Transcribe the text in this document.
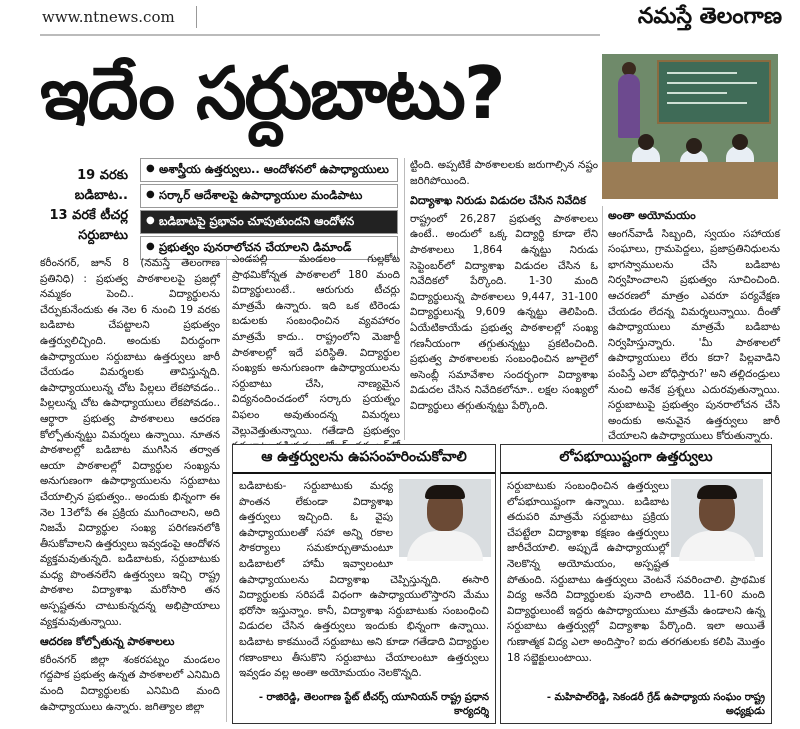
www.ntnews.com	నమస్తే తెలంగాణ
ఇదేం సర్దుబాటు?
19 వరకు
బడిబాట..
13 వరకే టీచర్ల
సర్దుబాటు
● అశాస్త్రీయ ఉత్తర్వులు.. ఆందోళనలో ఉపాధ్యాయులు
● సర్కార్ ఆదేశాలపై ఉపాధ్యాయుల మండిపాటు
● బడిబాటపై ప్రభావం చూపుతుందని ఆందోళన
● ప్రభుత్వం పునరాలోచన చేయాలని డిమాండ్

కరీంనగర్, జూన్ 8 (నమస్తే తెలంగాణ ప్రతినిధి) : ప్రభుత్వ పాఠశాలలపై ప్రజల్లో నమ్మకం పెంచి.. విద్యార్థులను చేర్పుకునేందుకు ఈ నెల 6 నుంచి 19 వరకు బడిబాట చేపట్టాలని ప్రభుత్వం ఉత్తర్వులిచ్చింది. అందుకు విరుద్ధంగా ఉపాధ్యాయుల సర్దుబాటు ఉత్తర్వులు జారీ చేయడం విమర్శలకు తావిస్తున్నది. ఉపాధ్యాయులున్న చోట పిల్లలు లేకపోవడం.. పిల్లలున్న చోట ఉపాధ్యాయులు లేకపోవడం.. ఆర్థారా ప్రభుత్వ పాఠశాలలు ఆదరణ కోల్పోతున్నట్టు విమర్శలు ఉన్నాయి. నూతన పాఠశాలల్లో బడిబాట ముగిసిన తర్వాత ఆయా పాఠశాలల్లో విద్యార్థుల సంఖ్యను అనుగుణంగా ఉపాధ్యాయులను సర్దుబాటు చేయాల్సిన ప్రభుత్వం.. అందుకు భిన్నంగా ఈ నెల 13లోపే ఈ ప్రక్రియ ముగించాలని, అది నిజమే విద్యార్థుల సంఖ్య పరిగణనలోకి తీసుకోవాలని ఉత్తర్వులు ఇవ్వడంపై ఆందోళన వ్యక్తమవుతున్నది. బడిబాటకు, సర్దుబాటుకు మధ్య పొంతనలేని ఉత్తర్వులు ఇచ్చి రాష్ట్ర పాఠశాల విద్యాశాఖ మరోసారి తన అస్పష్టతను చాటుకున్నదన్న అభిప్రాయాలు వ్యక్తమవుతున్నాయి.

ఆదరణ కోల్పోతున్న పాఠశాలలు

కరీంనగర్ జిల్లా శంకరపట్నం మండలం గద్దపాక ప్రభుత్వ ఉన్నత పాఠశాలలో ఎనిమిది మంది విద్యార్థులకు ఎనిమిది మంది ఉపాధ్యాయులు ఉన్నారు. జగిత్యాల జిల్లా

ఎండపల్లి మండలం గుల్లకోట ప్రాథమికోన్నత పాఠశాలలో 180 మంది విద్యార్థులుంటే.. ఆరుగురు టీచర్లు మాత్రమే ఉన్నారు. ఇది ఒక టిరెండు బడులకు సంబంధించిన వ్యవహారం మాత్రమే కాదు.. రాష్ట్రంలోని మెజార్టీ పాఠశాలల్లో ఇదే పరిస్థితి. విద్యార్థుల సంఖ్యకు అనుగుణంగా ఉపాధ్యాయులను సర్దుబాటు చేసి, నాణ్యమైన విద్యనందించడంలో సర్కారు ప్రయత్నం విఫలం అవుతుందన్న విమర్శలు వెల్లువెత్తుతున్నాయి. గతేడాది ప్రభుత్వం

ట్టింది. అప్పటికే పాఠశాలలకు జరుగాల్సిన నష్టం జరిగిపోయింది.

విద్యాశాఖ నిరుడు విడుదల చేసిన నివేదిక

రాష్ట్రంలో 26,287 ప్రభుత్వ పాఠశాలలు ఉంటే.. అందులో ఒక్క విద్యార్థి కూడా లేని పాఠశాలలు 1,864 ఉన్నట్టు నిరుడు సెప్టెంబర్‌లో విద్యాశాఖ విడుదల చేసిన ఓ నివేదికలో పేర్కొంది. 1-30 మంది విద్యార్థులున్న పాఠశాలలు 9,447, 31-100 విద్యార్థులున్న 9,609 ఉన్నట్టు తెలిపింది. ఏయేటికాయేడు ప్రభుత్వ పాఠశాలల్లో సంఖ్య గణనీయంగా తగ్గుతున్నట్టు ప్రకటించింది. ప్రభుత్వ పాఠశాలలకు సంబంధించిన జూలైలో అసెంబ్లీ సమావేశాల సందర్భంగా విద్యాశాఖ విడుదల చేసిన నివేదికలోనూ.. లక్షల సంఖ్యలో విద్యార్థులు తగ్గుతున్నట్టు పేర్కొంది.

అంతా అయోమయం

ఆంగన్‌వాడీ సిబ్బంది, స్వయం సహాయక సంఘాలు, గ్రామపెద్దలు, ప్రజాప్రతినిధులను భాగస్వాములను చేసి బడిబాట నిర్వహించాలని ప్రభుత్వం సూచించింది. ఆచరణలో మాత్రం ఎవరూ పర్యవేక్షణ చేయడం లేదన్న విమర్శలున్నాయి. దీంతో ఉపాధ్యాయులు మాత్రమే బడిబాట నిర్వహిస్తున్నారు. 'మీ పాఠశాలలో ఉపాధ్యాయులు లేరు కదా? పిల్లవాడిని పంపిస్తే ఎలా బోధిస్తారు?' అని తల్లిదండ్రులు నుంచి అనేక ప్రశ్నలు ఎదురవుతున్నాయి. సర్దుబాటుపై ప్రభుత్వం పునరాలోచన చేసి అందుకు అనువైన ఉత్తర్వులు జారీ చేయాలని ఉపాధ్యాయులు కోరుతున్నారు.

ఆ ఉత్తర్వులను ఉపసంహరించుకోవాలి

బడిబాటకు- సర్దుబాటుకు మధ్య పొంతన లేకుండా విద్యాశాఖ ఉత్తర్వులు ఇచ్చింది. ఓ వైపు ఉపాధ్యాయులతో సహా అన్ని రకాల సౌకర్యాలు సమకూర్చుతామంటూ బడిబాటలో హామీ ఇవ్వాలంటూ ఉపాధ్యాయులను విద్యాశాఖ చెప్పిస్తున్నది. ఈసారి విద్యార్థులకు సరిపడే విధంగా ఉపాధ్యాయులొస్తారని మేము భరోసా ఇస్తున్నాం. కానీ, విద్యాశాఖ సర్దుబాటుకు సంబంధించి విడుదల చేసిన ఉత్తర్వులు ఇందుకు భిన్నంగా ఉన్నాయి. బడిబాట కాకముందే సర్దుబాటు అని కూడా గతేడాది విద్యార్థుల గణాంకాలు తీసుకొని సర్దుబాటు చేయాలంటూ ఉత్తర్వులు ఇవ్వడం వల్ల అంతా అయోమయం నెలకొన్నది.

- రాజిరెడ్డి, తెలంగాణ స్టేట్ టీచర్స్ యూనియన్ రాష్ట్ర ప్రధాన కార్యదర్శి
లోపభూయిష్టంగా ఉత్తర్వులు

సర్దుబాటుకు సంబంధించిన ఉత్తర్వులు లోపభూయిష్టంగా ఉన్నాయి. బడిబాట తదుపరి మాత్రమే సర్దుబాటు ప్రక్రియ చేపట్టేలా విద్యాశాఖ కక్షణం ఉత్తర్వులు జారీచేయాలి. అప్పుడే ఉపాధ్యాయుల్లో నెలకొన్న అయోమయం, అస్పష్టత పోతుంది. సర్దుబాటు ఉత్తర్వులు వెంటనే సవరించాలి. ప్రాథమిక విద్య అనేది విద్యార్థులకు పునాది లాంటిది. 11-60 మంది విద్యార్థులుంటే ఇద్దరు ఉపాధ్యాయులు మాత్రమే ఉండాలని ఉన్న సర్దుబాటు ఉత్తర్వుల్లో విద్యాశాఖ పేర్కొంది. ఇలా అయితే గుణాత్మక విద్య ఎలా అందిస్తాం? ఐదు తరగతులకు కలిపి మొత్తం 18 సబ్జెక్టులుంటాయి.

- మహిపాల్‌రెడ్డి, సెకండరీ గ్రేడ్ ఉపాధ్యాయ సంఘం రాష్ట్ర అధ్యక్షుడు
